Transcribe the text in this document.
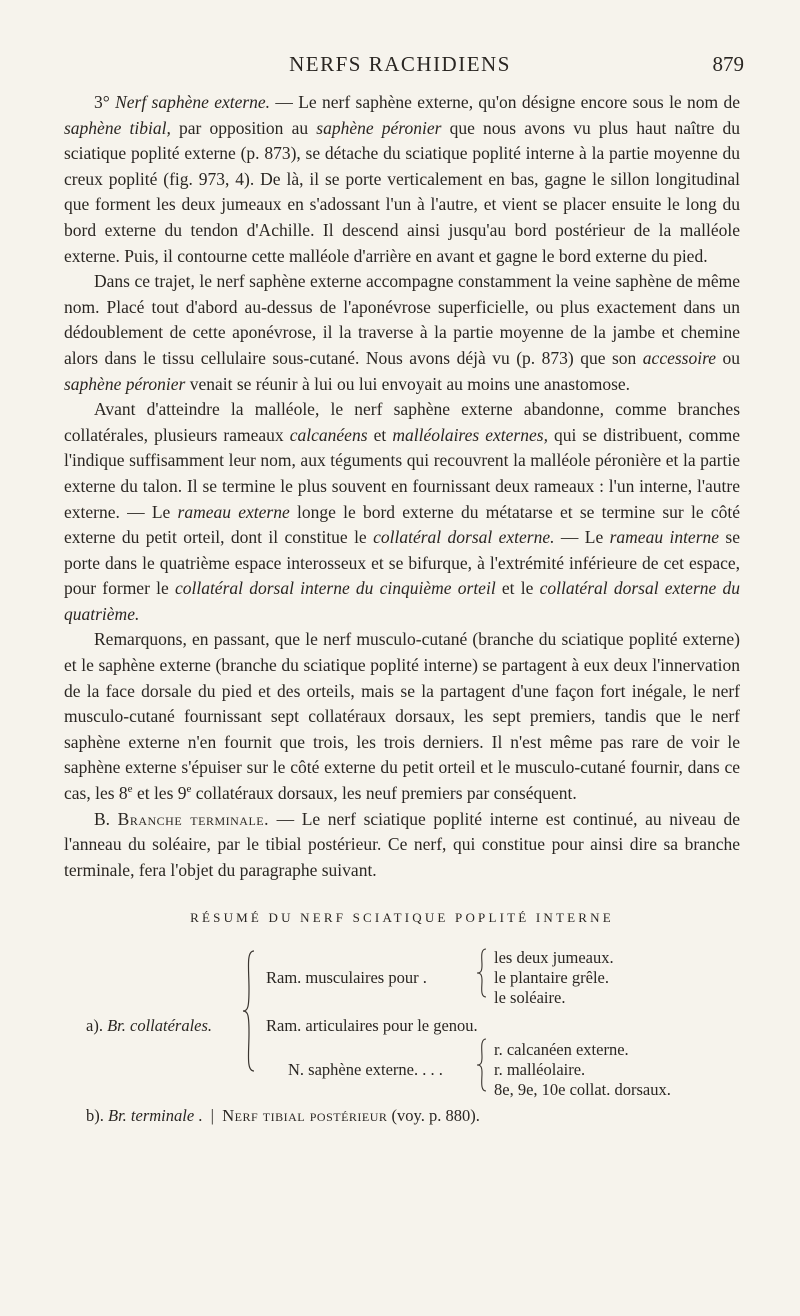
NERFS RACHIDIENS	879

3° Nerf saphène externe. — Le nerf saphène externe, qu'on désigne encore sous le nom de saphène tibial, par opposition au saphène péronier que nous avons vu plus haut naître du sciatique poplité externe (p. 873), se détache du sciatique poplité interne à la partie moyenne du creux poplité (fig. 973, 4). De là, il se porte verticalement en bas, gagne le sillon longitudinal que forment les deux jumeaux en s'adossant l'un à l'autre, et vient se placer ensuite le long du bord externe du tendon d'Achille. Il descend ainsi jusqu'au bord postérieur de la malléole externe. Puis, il contourne cette malléole d'arrière en avant et gagne le bord externe du pied.

Dans ce trajet, le nerf saphène externe accompagne constamment la veine saphène de même nom. Placé tout d'abord au-dessus de l'aponévrose superficielle, ou plus exactement dans un dédoublement de cette aponévrose, il la traverse à la partie moyenne de la jambe et chemine alors dans le tissu cellulaire sous-cutané. Nous avons déjà vu (p. 873) que son accessoire ou saphène péronier venait se réunir à lui ou lui envoyait au moins une anastomose.

Avant d'atteindre la malléole, le nerf saphène externe abandonne, comme branches collatérales, plusieurs rameaux calcanéens et malléolaires externes, qui se distribuent, comme l'indique suffisamment leur nom, aux téguments qui recouvrent la malléole péronière et la partie externe du talon. Il se termine le plus souvent en fournissant deux rameaux : l'un interne, l'autre externe. — Le rameau externe longe le bord externe du métatarse et se termine sur le côté externe du petit orteil, dont il constitue le collatéral dorsal externe. — Le rameau interne se porte dans le quatrième espace interosseux et se bifurque, à l'extrémité inférieure de cet espace, pour former le collatéral dorsal interne du cinquième orteil et le collatéral dorsal externe du quatrième.

Remarquons, en passant, que le nerf musculo-cutané (branche du sciatique poplité externe) et le saphène externe (branche du sciatique poplité interne) se partagent à eux deux l'innervation de la face dorsale du pied et des orteils, mais se la partagent d'une façon fort inégale, le nerf musculo-cutané fournissant sept collatéraux dorsaux, les sept premiers, tandis que le nerf saphène externe n'en fournit que trois, les trois derniers. Il n'est même pas rare de voir le saphène externe s'épuiser sur le côté externe du petit orteil et le musculo-cutané fournir, dans ce cas, les 8e et les 9e collatéraux dorsaux, les neuf premiers par conséquent.

B. Branche terminale. — Le nerf sciatique poplité interne est continué, au niveau de l'anneau du soléaire, par le tibial postérieur. Ce nerf, qui constitue pour ainsi dire sa branche terminale, fera l'objet du paragraphe suivant.

RÉSUMÉ DU NERF SCIATIQUE POPLITÉ INTERNE
a). Br. collatérales.
Ram. musculaires pour .
les deux jumeaux.
le plantaire grêle.
le soléaire.
Ram. articulaires pour le genou.
N. saphène externe. . . .
r. calcanéen externe.
r. malléolaire.
8e, 9e, 10e collat. dorsaux.
b). Br. terminale .  |  Nerf tibial postérieur (voy. p. 880).
